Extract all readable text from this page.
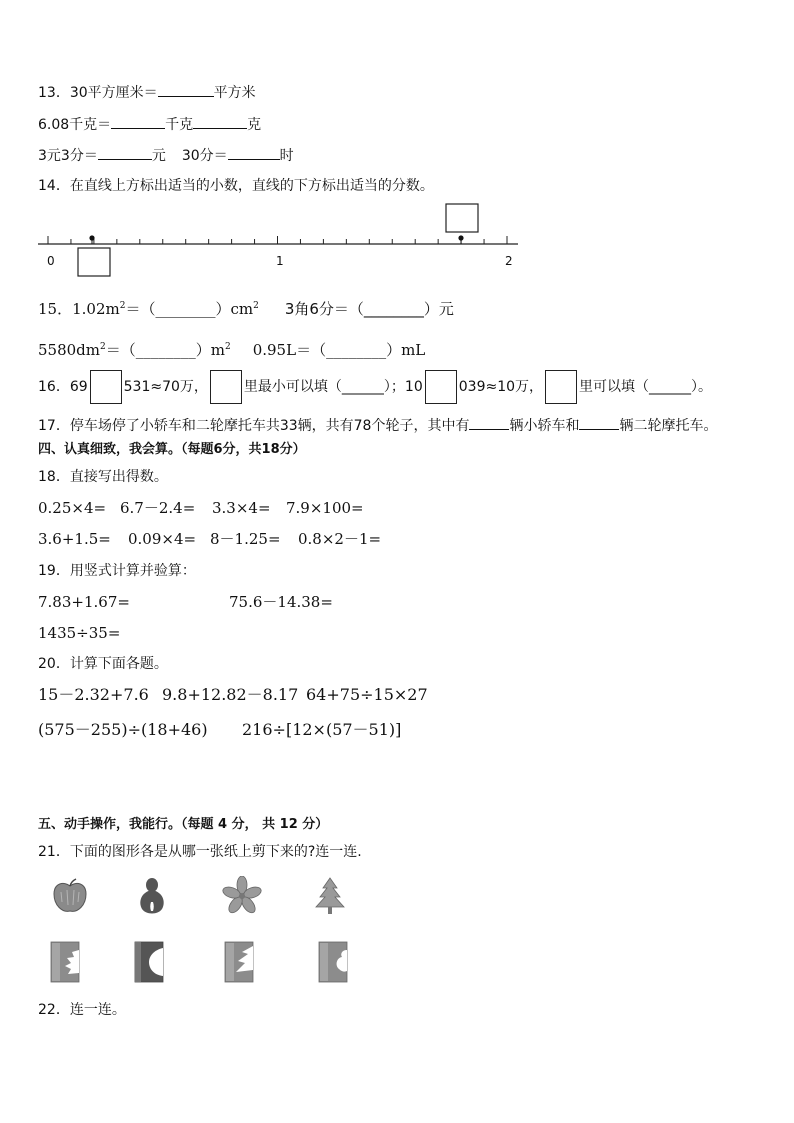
13．30平方厘米＝	平方米
6.08千克＝	千克	克
3元3分＝	元 30分＝	时
14．在直线上方标出适当的小数，直线的下方标出适当的分数。
0	1	2
15．$1.02m^2=(\_\_\_\_\_\_\_\_)cm^2$ 3角6分＝（________）元
$5580dm^2=(\_\_\_\_\_\_\_\_)m^2$ 0.95L＝（________）mL
16．69	531≈70万，	里最小可以填（______）；10	039≈10万，	里可以填（______）。
17．停车场停了小轿车和二轮摩托车共33辆，共有78个轮子，其中有	辆小轿车和	辆二轮摩托车。
四、认真细致，我会算。（每题6分，共18分）
18．直接写出得数。
0.25×4= 6.7－2.4= 3.3×4= 7.9×100=
3.6+1.5= 0.09×4= 8－1.25= 0.8×2－1=
19．用竖式计算并验算：
7.83+1.67=	75.6－14.38=
1435÷35=
20．计算下面各题。
15－2.32+7.6 9.8+12.82－8.17 64+75÷15×27
(575－255)÷(18+46) 216÷[12×(57－51)]
五、动手操作，我能行。（每题 4 分， 共 12 分）
21．下面的图形各是从哪一张纸上剪下来的?连一连.
22．连一连。
